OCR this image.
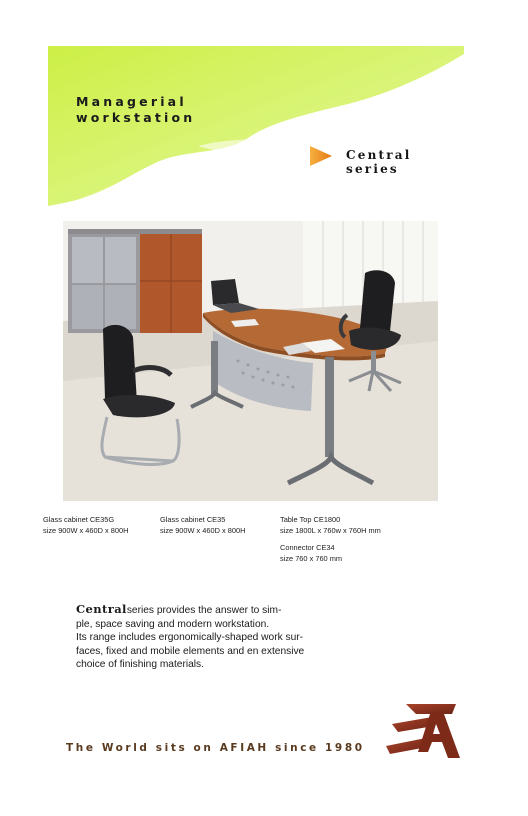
Managerial
workstation
Central
series
Glass cabinet CE35G
size 900W x 460D x 800H
Glass cabinet CE35
size 900W x 460D x 800H
Table Top CE1800
size 1800L x 760w x 760H mm
Connector CE34
size 760 x 760 mm
Centralseries provides the answer to sim-
ple, space saving and modern workstation.
Its range includes ergonomically-shaped work sur-
faces, fixed and mobile elements and en extensive
choice of finishing materials.
The World sits on AFIAH since 1980
